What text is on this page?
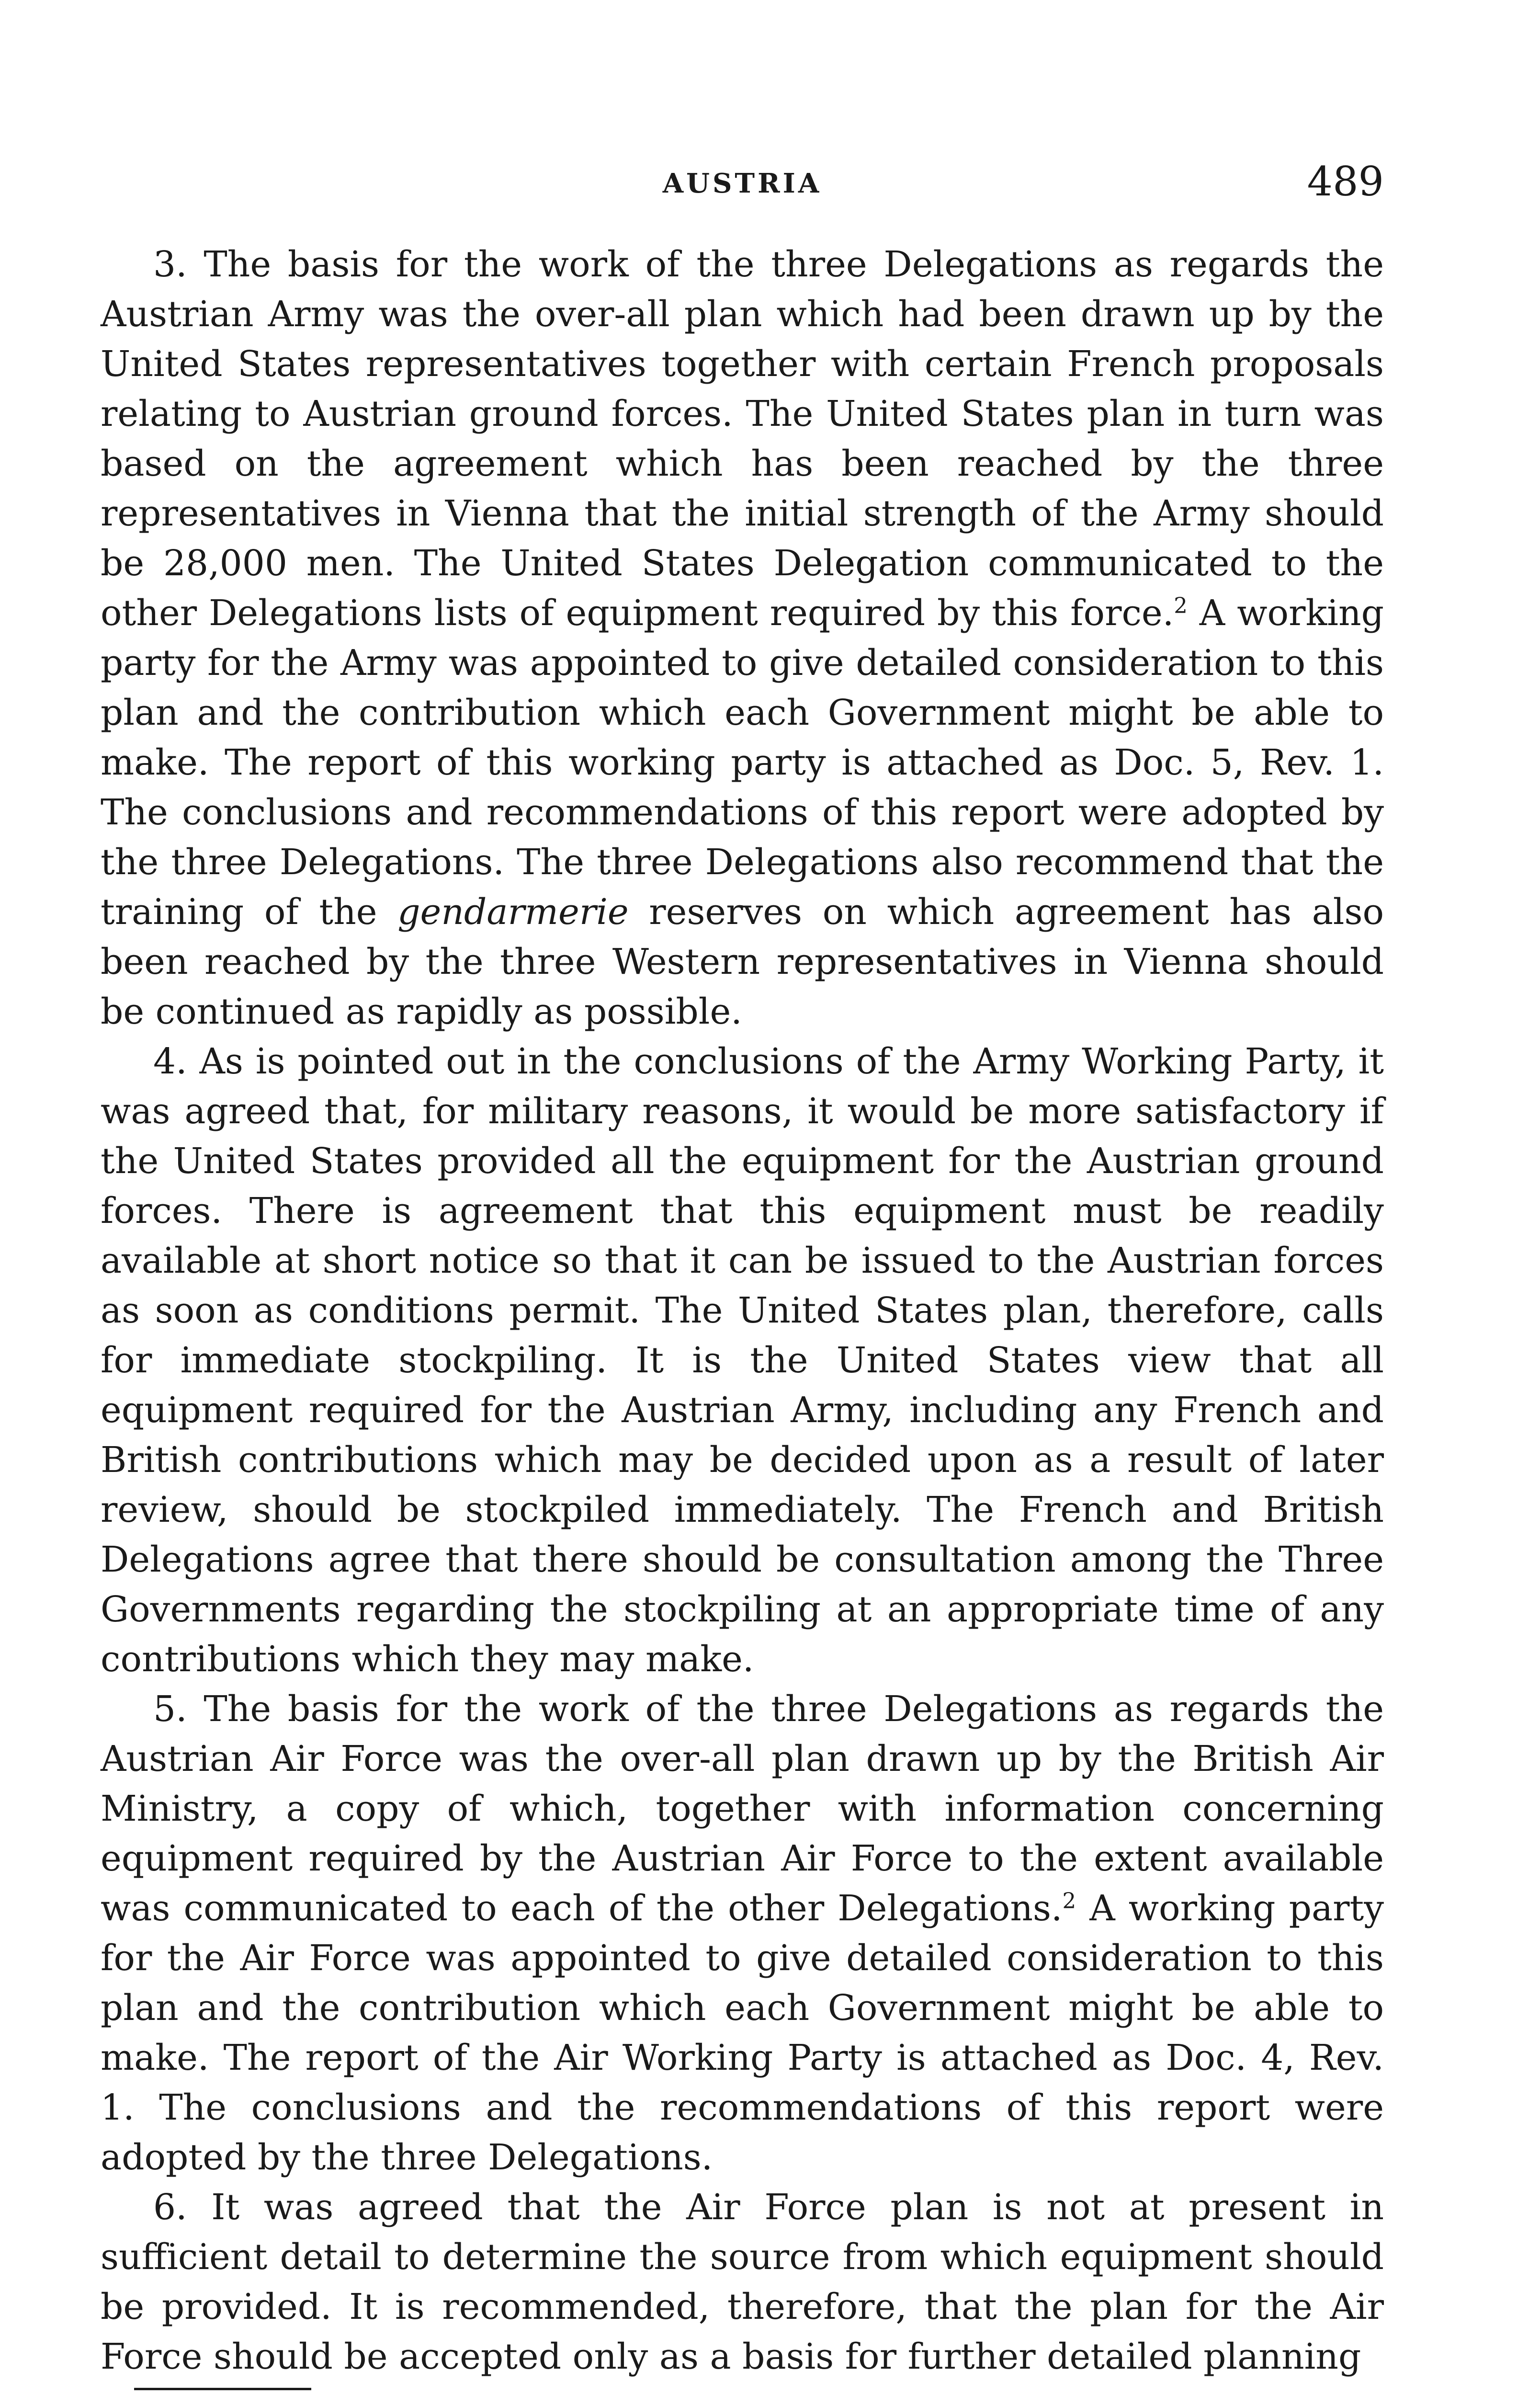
AUSTRIA	489

3. The basis for the work of the three Delegations as regards the Austrian Army was the over-all plan which had been drawn up by the United States representatives together with certain French proposals relating to Austrian ground forces. The United States plan in turn was based on the agreement which has been reached by the three representatives in Vienna that the initial strength of the Army should be 28,000 men. The United States Delegation communicated to the other Delegations lists of equipment required by this force.$^2$ A working party for the Army was appointed to give detailed consideration to this plan and the contribution which each Government might be able to make. The report of this working party is attached as Doc. 5, Rev. 1. The conclusions and recommendations of this report were adopted by the three Delegations. The three Delegations also recommend that the training of the gendarmerie reserves on which agreement has also been reached by the three Western representatives in Vienna should be continued as rapidly as possible.

4. As is pointed out in the conclusions of the Army Working Party, it was agreed that, for military reasons, it would be more satisfactory if the United States provided all the equipment for the Austrian ground forces. There is agreement that this equipment must be readily available at short notice so that it can be issued to the Austrian forces as soon as conditions permit. The United States plan, therefore, calls for immediate stockpiling. It is the United States view that all equipment required for the Austrian Army, including any French and British contributions which may be decided upon as a result of later review, should be stockpiled immediately. The French and British Delegations agree that there should be consultation among the Three Governments regarding the stockpiling at an appropriate time of any contributions which they may make.

5. The basis for the work of the three Delegations as regards the Austrian Air Force was the over-all plan drawn up by the British Air Ministry, a copy of which, together with information concerning equipment required by the Austrian Air Force to the extent available was communicated to each of the other Delegations.$^2$ A working party for the Air Force was appointed to give detailed consideration to this plan and the contribution which each Government might be able to make. The report of the Air Working Party is attached as Doc. 4, Rev. 1. The conclusions and the recommendations of this report were adopted by the three Delegations.

6. It was agreed that the Air Force plan is not at present in sufficient detail to determine the source from which equipment should be provided. It is recommended, therefore, that the plan for the Air Force should be accepted only as a basis for further detailed planning
